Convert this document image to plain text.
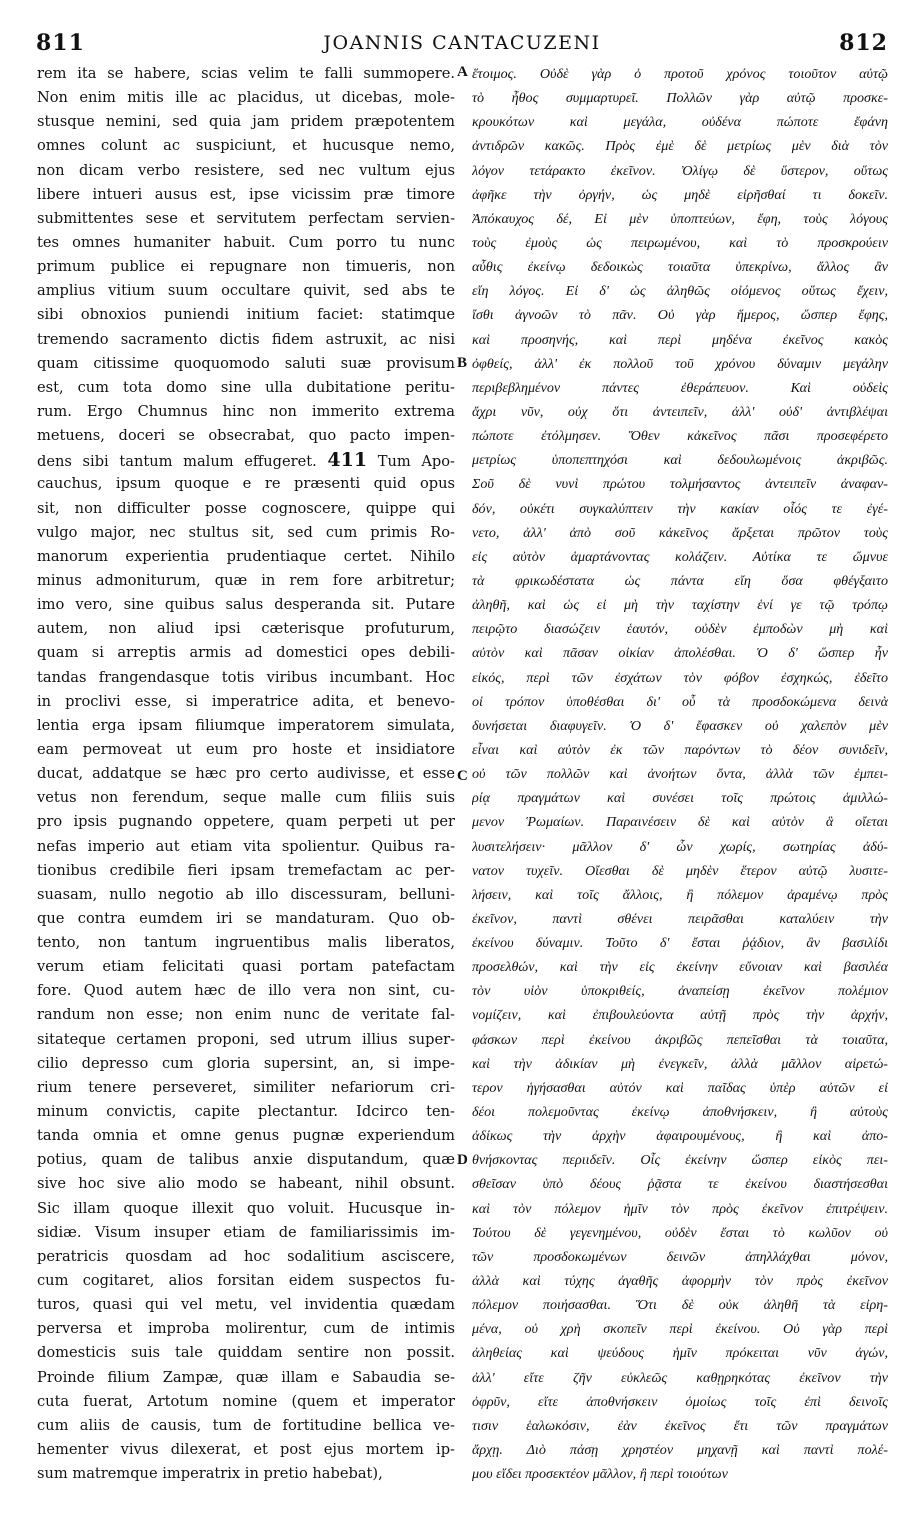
811	JOANNIS CANTACUZENI	812
rem ita se habere, scias velim te falli summopere.
Non enim mitis ille ac placidus, ut dicebas, mole-
stusque nemini, sed quia jam pridem præpotentem
omnes colunt ac suspiciunt, et hucusque nemo,
non dicam verbo resistere, sed nec vultum ejus
libere intueri ausus est, ipse vicissim præ timore
submittentes sese et servitutem perfectam servien-
tes omnes humaniter habuit. Cum porro tu nunc
primum publice ei repugnare non timueris, non
amplius vitium suum occultare quivit, sed abs te
sibi obnoxios puniendi initium faciet: statimque
tremendo sacramento dictis fidem astruxit, ac nisi
quam citissime quoquomodo saluti suæ provisum
est, cum tota domo sine ulla dubitatione peritu-
rum. Ergo Chumnus hinc non immerito extrema
metuens, doceri se obsecrabat, quo pacto impen-
dens sibi tantum malum effugeret. 411 Tum Apo-
cauchus, ipsum quoque e re præsenti quid opus
sit, non difficulter posse cognoscere, quippe qui
vulgo major, nec stultus sit, sed cum primis Ro-
manorum experientia prudentiaque certet. Nihilo
minus admoniturum, quæ in rem fore arbitretur;
imo vero, sine quibus salus desperanda sit. Putare
autem, non aliud ipsi cæterisque profuturum,
quam si arreptis armis ad domestici opes debili-
tandas frangendasque totis viribus incumbant. Hoc
in proclivi esse, si imperatrice adita, et benevo-
lentia erga ipsam filiumque imperatorem simulata,
eam permoveat ut eum pro hoste et insidiatore
ducat, addatque se hæc pro certo audivisse, et esse
vetus non ferendum, seque malle cum filiis suis
pro ipsis pugnando oppetere, quam perpeti ut per
nefas imperio aut etiam vita spolientur. Quibus ra-
tionibus credibile fieri ipsam tremefactam ac per-
suasam, nullo negotio ab illo discessuram, belluni-
que contra eumdem iri se mandaturam. Quo ob-
tento, non tantum ingruentibus malis liberatos,
verum etiam felicitati quasi portam patefactam
fore. Quod autem hæc de illo vera non sint, cu-
randum non esse; non enim nunc de veritate fal-
sitateque certamen proponi, sed utrum illius super-
cilio depresso cum gloria supersint, an, si impe-
rium tenere perseveret, similiter nefariorum cri-
minum convictis, capite plectantur. Idcirco ten-
tanda omnia et omne genus pugnæ experiendum
potius, quam de talibus anxie disputandum, quæ
sive hoc sive alio modo se habeant, nihil obsunt.
Sic illam quoque illexit quo voluit. Hucusque in-
sidiæ. Visum insuper etiam de familiarissimis im-
peratricis quosdam ad hoc sodalitium asciscere,
cum cogitaret, alios forsitan eidem suspectos fu-
turos, quasi qui vel metu, vel invidentia quædam
perversa et improba molirentur, cum de intimis
domesticis suis tale quiddam sentire non possit.
Proinde filium Zampæ, quæ illam e Sabaudia se-
cuta fuerat, Artotum nomine (quem et imperator
cum aliis de causis, tum de fortitudine bellica ve-
hementer vivus dilexerat, et post ejus mortem ip-
sum matremque imperatrix in pretio habebat),
A
B
C
D
ἕτοιμος. Οὐδὲ γὰρ ὁ προτοῦ χρόνος τοιοῦτον αὐτῷ
τὸ ἦθος συμμαρτυρεῖ. Πολλῶν γὰρ αὐτῷ προσκε-
κρουκότων καὶ μεγάλα, οὐδένα πώποτε ἔφάνη
ἀντιδρῶν κακῶς. Πρὸς ἐμὲ δὲ μετρίως μὲν διὰ τὸν
λόγον τετάρακτο ἐκεῖνον. Ὀλίγῳ δὲ ὕστερον, οὕτως
ἀφῆκε τὴν ὀργήν, ὡς μηδὲ εἰρῆσθαί τι δοκεῖν.
Ἀπόκαυχος δέ, Εἰ μὲν ὑποπτεύων, ἔφη, τοὺς λόγους
τοὺς ἐμοὺς ὡς πειρωμένου, καὶ τὸ προσκρούειν
αὖθις ἐκείνῳ δεδοικὼς τοιαῦτα ὑπεκρίνω, ἄλλος ἂν
εἴη λόγος. Εἰ δ' ὡς ἀληθῶς οἰόμενος οὕτως ἔχειν,
ἴσθι ἀγνοῶν τὸ πᾶν. Οὐ γὰρ ἥμερος, ὥσπερ ἔφης,
καὶ προσηνής, καὶ περὶ μηδένα ἐκεῖνος κακὸς
ὀφθείς, ἀλλ' ἐκ πολλοῦ τοῦ χρόνου δύναμιν μεγάλην
περιβεβλημένον πάντες ἐθεράπευον. Καὶ οὐδεὶς
ἄχρι νῦν, οὐχ ὅτι ἀντειπεῖν, ἀλλ' οὐδ' ἀντιβλέψαι
πώποτε ἐτόλμησεν. Ὅθεν κἀκεῖνος πᾶσι προσεφέρετο
μετρίως ὑποπεπτηχόσι καὶ δεδουλωμένοις ἀκριβῶς.
Σοῦ δὲ νυνὶ πρώτου τολμήσαντος ἀντειπεῖν ἀναφαν-
δόν, οὐκέτι συγκαλύπτειν τὴν κακίαν οἷός τε ἐγέ-
νετο, ἀλλ' ἀπὸ σοῦ κἀκεῖνος ἄρξεται πρῶτον τοὺς
εἰς αὐτὸν ἁμαρτάνοντας κολάζειν. Αὐτίκα τε ὤμνυε
τὰ φρικωδέστατα ὡς πάντα εἴη ὅσα φθέγξαιτο
ἀληθῆ, καὶ ὡς εἰ μὴ τὴν ταχίστην ἑνί γε τῷ τρόπῳ
πειρῷτο διασώζειν ἑαυτόν, οὐδὲν ἐμποδὼν μὴ καὶ
αὐτὸν καὶ πᾶσαν οἰκίαν ἀπολέσθαι. Ὁ δ' ὥσπερ ἦν
εἰκός, περὶ τῶν ἐσχάτων τὸν φόβον ἐσχηκώς, ἐδεῖτο
οἱ τρόπον ὑποθέσθαι δι' οὗ τὰ προσδοκώμενα δεινὰ
δυνήσεται διαφυγεῖν. Ὁ δ' ἔφασκεν οὐ χαλεπὸν μὲν
εἶναι καὶ αὐτὸν ἐκ τῶν παρόντων τὸ δέον συνιδεῖν,
οὐ τῶν πολλῶν καὶ ἀνοήτων ὄντα, ἀλλὰ τῶν ἐμπει-
ρίᾳ πραγμάτων καὶ συνέσει τοῖς πρώτοις ἁμιλλώ-
μενον Ῥωμαίων. Παραινέσειν δὲ καὶ αὐτὸν ἃ οἴεται
λυσιτελήσειν· μᾶλλον δ' ὧν χωρίς, σωτηρίας ἀδύ-
νατον τυχεῖν. Οἴεσθαι δὲ μηδὲν ἕτερον αὐτῷ λυσιτε-
λήσειν, καὶ τοῖς ἄλλοις, ἢ πόλεμον ἀραμένῳ πρὸς
ἐκεῖνον, παντὶ σθένει πειρᾶσθαι καταλύειν τὴν
ἐκείνου δύναμιν. Τοῦτο δ' ἔσται ῥᾴδιον, ἂν βασιλίδι
προσελθών, καὶ τὴν εἰς ἐκείνην εὔνοιαν καὶ βασιλέα
τὸν υἱὸν ὑποκριθείς, ἀναπείσῃ ἐκεῖνον πολέμιον
νομίζειν, καὶ ἐπιβουλεύοντα αὐτῇ πρὸς τὴν ἀρχήν,
φάσκων περὶ ἐκείνου ἀκριβῶς πεπεῖσθαι τὰ τοιαῦτα,
καὶ τὴν ἀδικίαν μὴ ἐνεγκεῖν, ἀλλὰ μᾶλλον αἱρετώ-
τερον ἡγήσασθαι αὐτόν καὶ παῖδας ὑπὲρ αὐτῶν εἰ
δέοι πολεμοῦντας ἐκείνῳ ἀποθνήσκειν, ἢ αὐτοὺς
ἀδίκως τὴν ἀρχὴν ἀφαιρουμένους, ἢ καὶ ἀπο-
θνήσκοντας περιιδεῖν. Οἷς ἐκείνην ὥσπερ εἰκὸς πει-
σθεῖσαν ὑπὸ δέους ῥᾷστα τε ἐκείνου διαστήσεσθαι
καὶ τὸν πόλεμον ἡμῖν τὸν πρὸς ἐκεῖνον ἐπιτρέψειν.
Τούτου δὲ γεγενημένου, οὐδὲν ἔσται τὸ κωλῦον οὐ
τῶν προσδοκωμένων δεινῶν ἀπηλλάχθαι μόνον,
ἀλλὰ καὶ τύχης ἀγαθῆς ἀφορμὴν τὸν πρὸς ἐκεῖνον
πόλεμον ποιήσασθαι. Ὅτι δὲ οὐκ ἀληθῆ τὰ εἰρη-
μένα, οὐ χρὴ σκοπεῖν περὶ ἐκείνου. Οὐ γὰρ περὶ
ἀληθείας καὶ ψεύδους ἡμῖν πρόκειται νῦν ἀγών,
ἀλλ' εἴτε ζῆν εὐκλεῶς καθῃρηκότας ἐκεῖνον τὴν
ὀφρῦν, εἴτε ἀποθνήσκειν ὁμοίως τοῖς ἐπὶ δεινοῖς
τισιν ἑαλωκόσιν, ἐὰν ἐκεῖνος ἔτι τῶν πραγμάτων
ἄρχῃ. Διὸ πάσῃ χρηστέον μηχανῇ καὶ παντὶ πολέ-
μου εἴδει προσεκτέον μᾶλλον, ἢ περὶ τοιούτων
